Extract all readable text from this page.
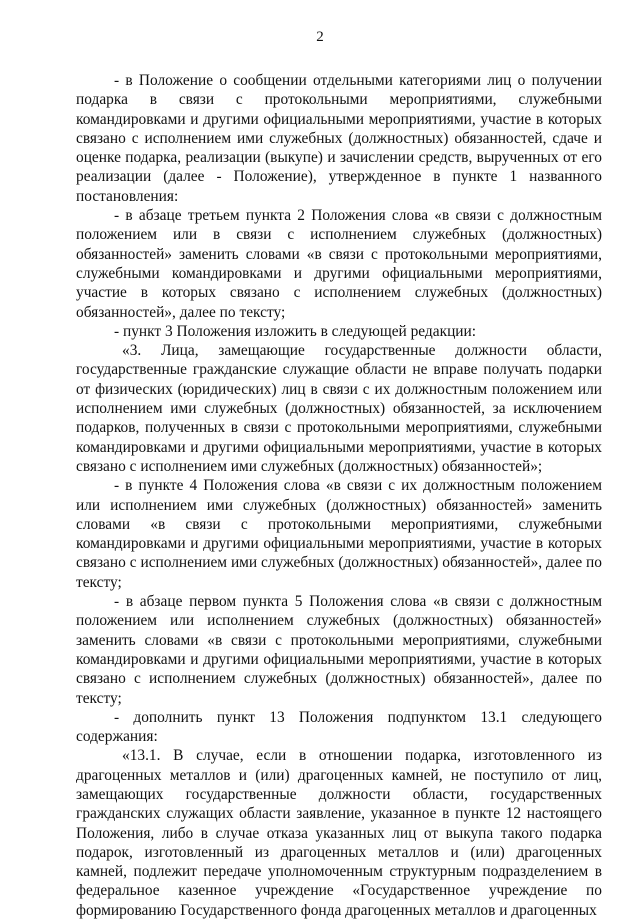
2

- в Положение о сообщении отдельными категориями лиц о получении подарка в связи с протокольными мероприятиями, служебными командировками и другими официальными мероприятиями, участие в которых связано с исполнением ими служебных (должностных) обязанностей, сдаче и оценке подарка, реализации (выкупе) и зачислении средств, вырученных от его реализации (далее - Положение), утвержденное в пункте 1 названного постановления:

- в абзаце третьем пункта 2 Положения слова «в связи с должностным положением или в связи с исполнением служебных (должностных) обязанностей» заменить словами «в связи с протокольными мероприятиями, служебными командировками и другими официальными мероприятиями, участие в которых связано с исполнением служебных (должностных) обязанностей», далее по тексту;

- пункт 3 Положения изложить в следующей редакции:

«3. Лица, замещающие государственные должности области, государственные гражданские служащие области не вправе получать подарки от физических (юридических) лиц в связи с их должностным положением или исполнением ими служебных (должностных) обязанностей, за исключением подарков, полученных в связи с протокольными мероприятиями, служебными командировками и другими официальными мероприятиями, участие в которых связано с исполнением ими служебных (должностных) обязанностей»;

- в пункте 4 Положения слова «в связи с их должностным положением или исполнением ими служебных (должностных) обязанностей» заменить словами «в связи с протокольными мероприятиями, служебными командировками и другими официальными мероприятиями, участие в которых связано с исполнением ими служебных (должностных) обязанностей», далее по тексту;

- в абзаце первом пункта 5 Положения слова «в связи с должностным положением или исполнением служебных (должностных) обязанностей» заменить словами «в связи с протокольными мероприятиями, служебными командировками и другими официальными мероприятиями, участие в которых связано с исполнением служебных (должностных) обязанностей», далее по тексту;

- дополнить пункт 13 Положения подпунктом 13.1 следующего содержания:

«13.1. В случае, если в отношении подарка, изготовленного из драгоценных металлов и (или) драгоценных камней, не поступило от лиц, замещающих государственные должности области, государственных гражданских служащих области заявление, указанное в пункте 12 настоящего Положения, либо в случае отказа указанных лиц от выкупа такого подарка подарок, изготовленный из драгоценных металлов и (или) драгоценных камней, подлежит передаче уполномоченным структурным подразделением в федеральное казенное учреждение «Государственное учреждение по формированию Государственного фонда драгоценных металлов и драгоценных
